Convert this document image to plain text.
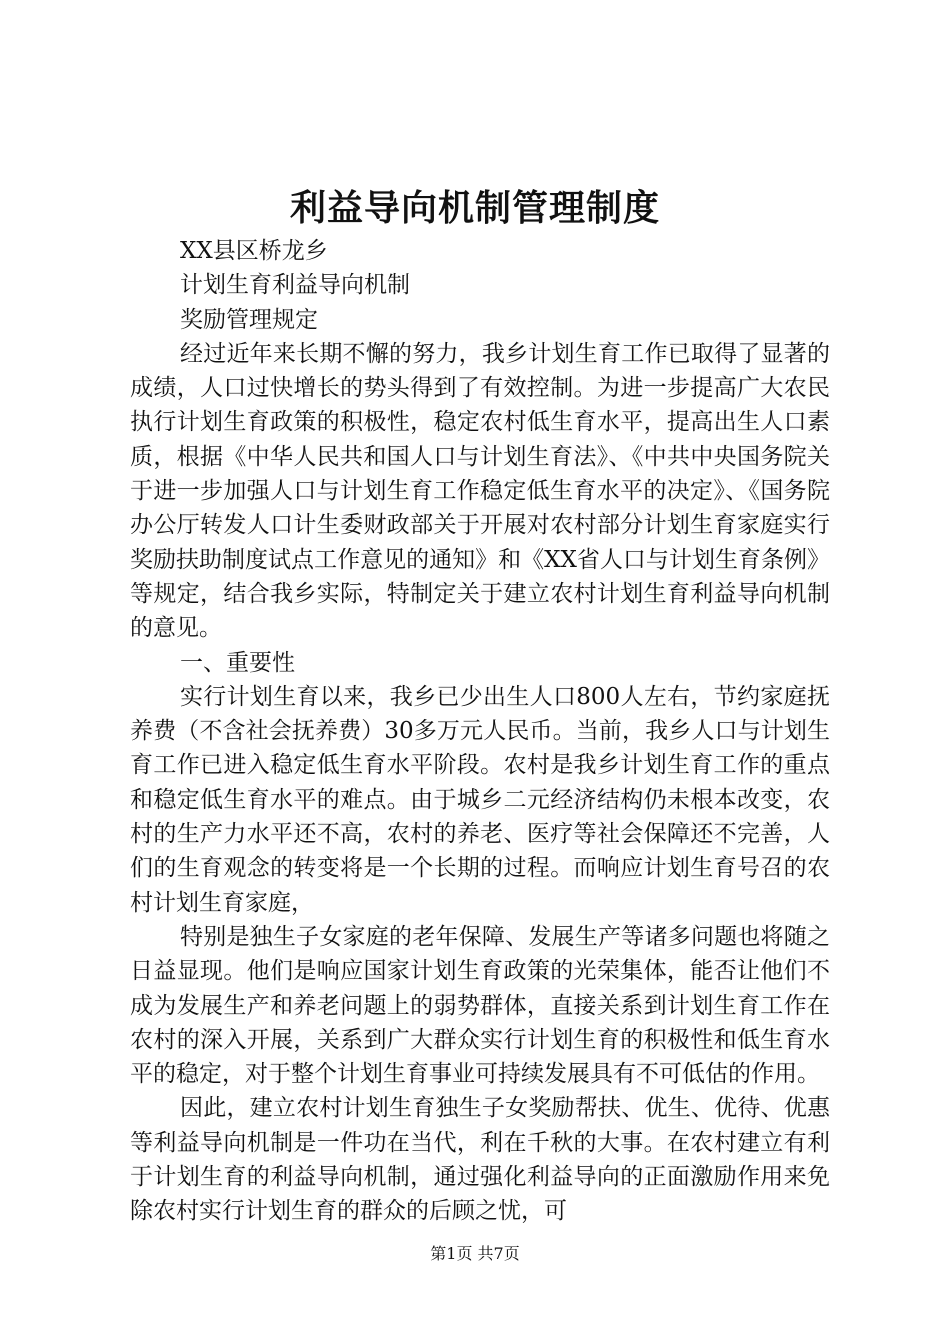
利益导向机制管理制度

XX县区桥龙乡

计划生育利益导向机制

奖励管理规定

经过近年来长期不懈的努力，我乡计划生育工作已取得了显著的成绩，人口过快增长的势头得到了有效控制。为进一步提高广大农民执行计划生育政策的积极性，稳定农村低生育水平，提高出生人口素质，根据《中华人民共和国人口与计划生育法》、《中共中央国务院关于进一步加强人口与计划生育工作稳定低生育水平的决定》、《国务院办公厅转发人口计生委财政部关于开展对农村部分计划生育家庭实行奖励扶助制度试点工作意见的通知》和《XX省人口与计划生育条例》等规定，结合我乡实际，特制定关于建立农村计划生育利益导向机制的意见。

一、重要性

实行计划生育以来，我乡已少出生人口800人左右，节约家庭抚养费（不含社会抚养费）30多万元人民币。当前，我乡人口与计划生育工作已进入稳定低生育水平阶段。农村是我乡计划生育工作的重点和稳定低生育水平的难点。由于城乡二元经济结构仍未根本改变，农村的生产力水平还不高，农村的养老、医疗等社会保障还不完善，人们的生育观念的转变将是一个长期的过程。而响应计划生育号召的农村计划生育家庭，

特别是独生子女家庭的老年保障、发展生产等诸多问题也将随之日益显现。他们是响应国家计划生育政策的光荣集体，能否让他们不成为发展生产和养老问题上的弱势群体，直接关系到计划生育工作在农村的深入开展，关系到广大群众实行计划生育的积极性和低生育水平的稳定，对于整个计划生育事业可持续发展具有不可低估的作用。

因此，建立农村计划生育独生子女奖励帮扶、优生、优待、优惠等利益导向机制是一件功在当代，利在千秋的大事。在农村建立有利于计划生育的利益导向机制，通过强化利益导向的正面激励作用来免除农村实行计划生育的群众的后顾之忧，可

第1页 共7页
